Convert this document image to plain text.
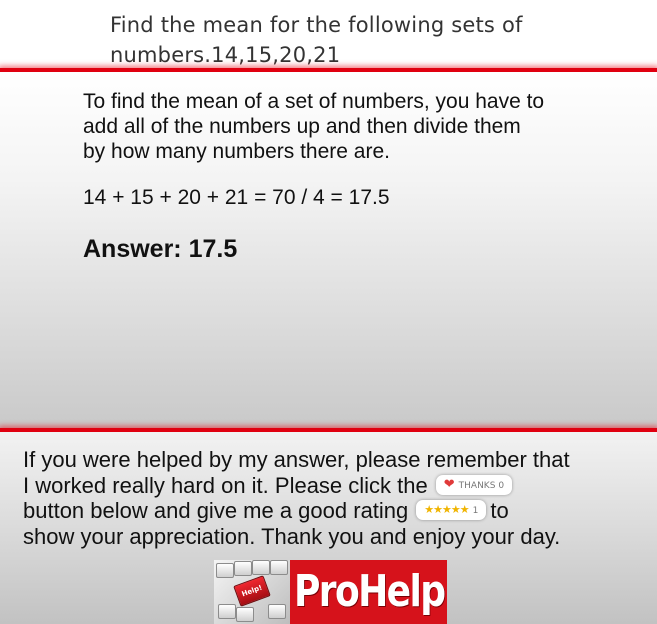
Find the mean for the following sets of
numbers.14,15,20,21
To find the mean of a set of numbers, you have to
add all of the numbers up and then divide them
by how many numbers there are.
14 + 15 + 20 + 21 = 70 / 4 = 17.5
Answer: 17.5
If you were helped by my answer, please remember that
I worked really hard on it. Please click the ❤ THANKS 0
button below and give me a good rating ★★★★★ 1 to
show your appreciation. Thank you and enjoy your day.
Help! ProHelp
